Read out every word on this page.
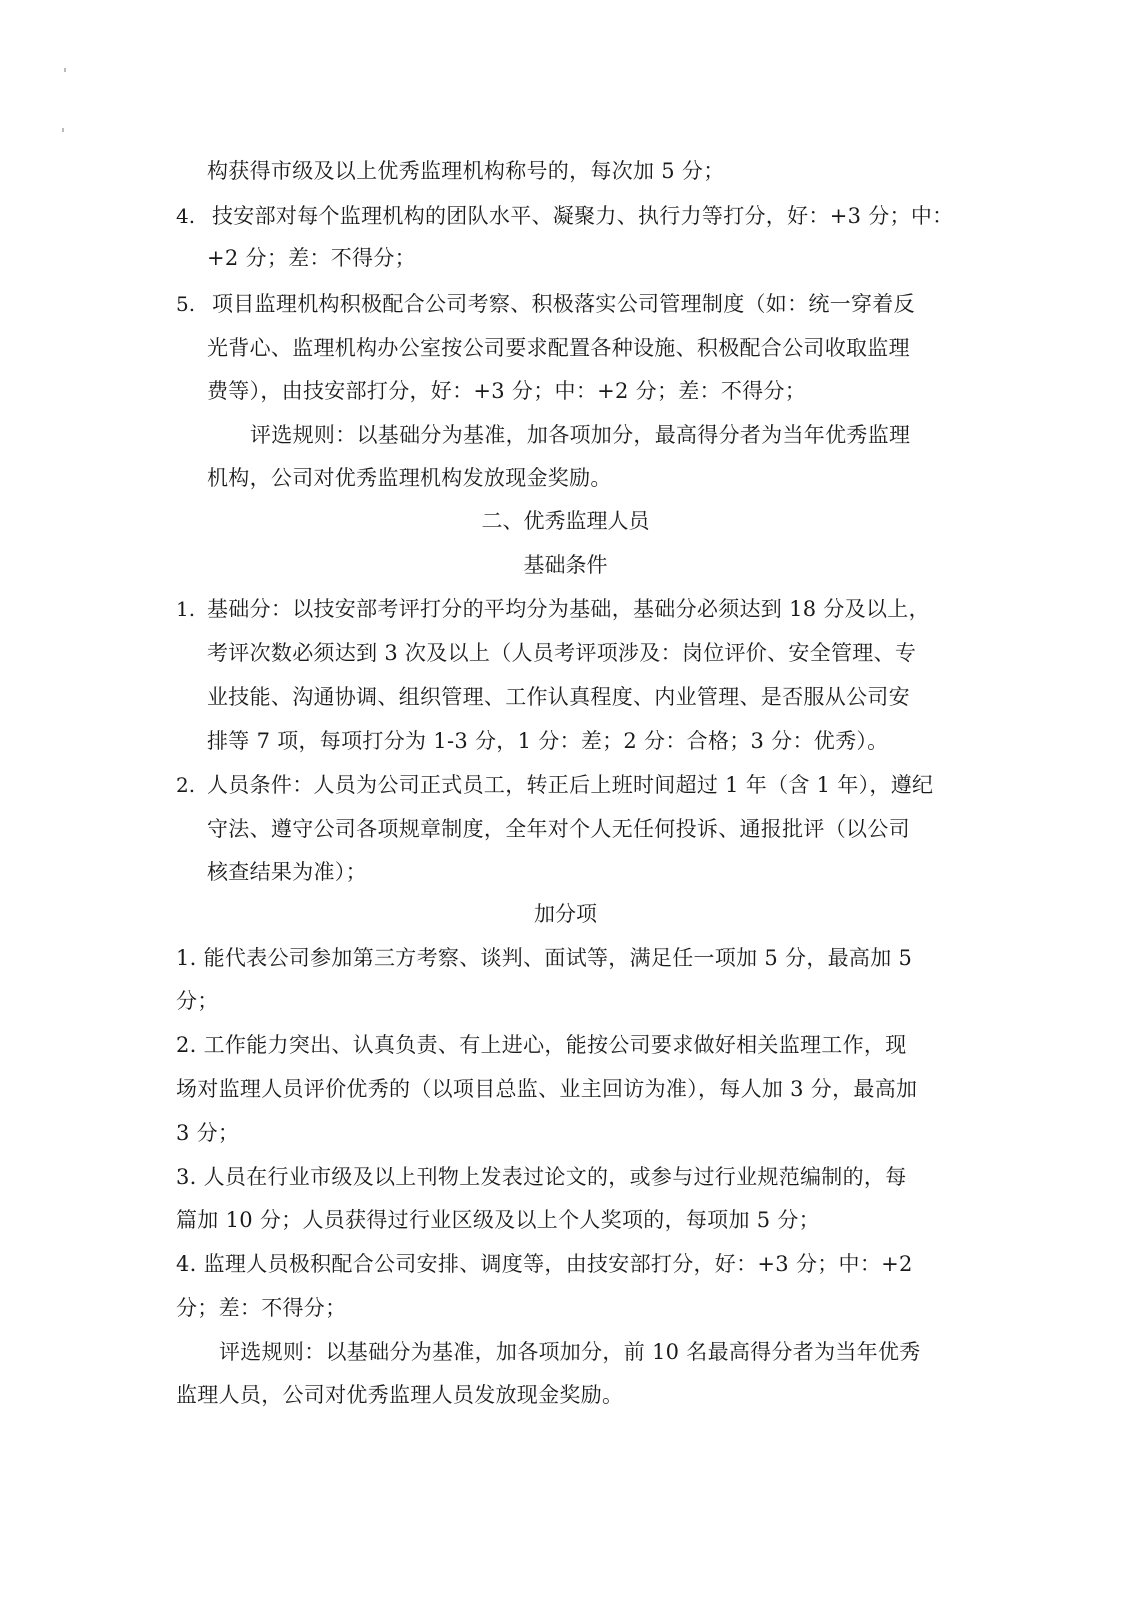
构获得市级及以上优秀监理机构称号的，每次加 5 分；
4. 技安部对每个监理机构的团队水平、凝聚力、执行力等打分，好：+3 分；中：
+2 分；差：不得分；
5. 项目监理机构积极配合公司考察、积极落实公司管理制度（如：统一穿着反
光背心、监理机构办公室按公司要求配置各种设施、积极配合公司收取监理
费等），由技安部打分，好：+3 分；中：+2 分；差：不得分；
评选规则：以基础分为基准，加各项加分，最高得分者为当年优秀监理
机构，公司对优秀监理机构发放现金奖励。
二、优秀监理人员
基础条件
1. 基础分：以技安部考评打分的平均分为基础，基础分必须达到 18 分及以上，
考评次数必须达到 3 次及以上（人员考评项涉及：岗位评价、安全管理、专
业技能、沟通协调、组织管理、工作认真程度、内业管理、是否服从公司安
排等 7 项，每项打分为 1-3 分，1 分：差；2 分：合格；3 分：优秀）。
2. 人员条件：人员为公司正式员工，转正后上班时间超过 1 年（含 1 年），遵纪
守法、遵守公司各项规章制度，全年对个人无任何投诉、通报批评（以公司
核查结果为准）；
加分项
1. 能代表公司参加第三方考察、谈判、面试等，满足任一项加 5 分，最高加 5
分；
2. 工作能力突出、认真负责、有上进心，能按公司要求做好相关监理工作，现
场对监理人员评价优秀的（以项目总监、业主回访为准），每人加 3 分，最高加
3 分；
3. 人员在行业市级及以上刊物上发表过论文的，或参与过行业规范编制的，每
篇加 10 分；人员获得过行业区级及以上个人奖项的，每项加 5 分；
4. 监理人员极积配合公司安排、调度等，由技安部打分，好：+3 分；中：+2
分；差：不得分；
评选规则：以基础分为基准，加各项加分，前 10 名最高得分者为当年优秀
监理人员，公司对优秀监理人员发放现金奖励。
